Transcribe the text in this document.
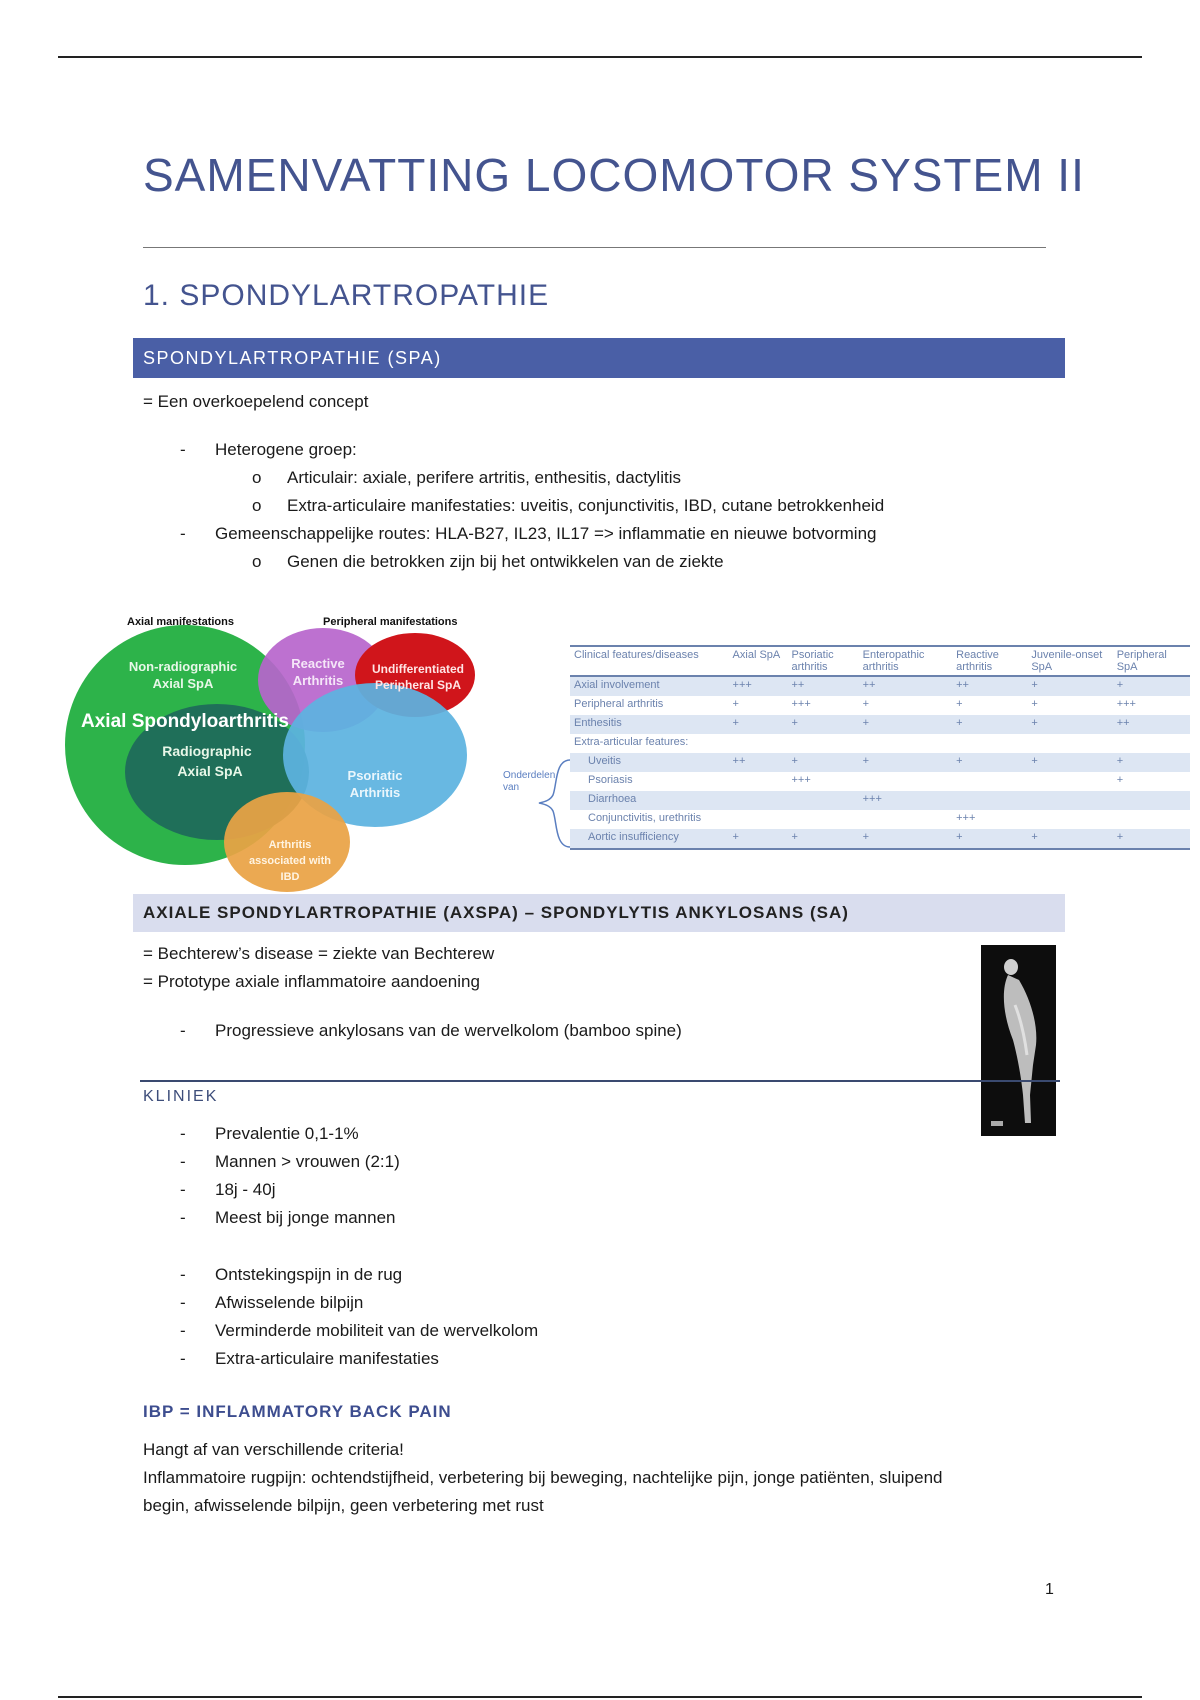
SAMENVATTING LOCOMOTOR SYSTEM II
1. SPONDYLARTROPATHIE
SPONDYLARTROPATHIE (SPA)
= Een overkoepelend concept
- Heterogene groep:
o Articulair: axiale, perifere artritis, enthesitis, dactylitis
o Extra-articulaire manifestaties: uveitis, conjunctivitis, IBD, cutane betrokkenheid
- Gemeenschappelijke routes: HLA-B27, IL23, IL17 => inflammatie en nieuwe botvorming
o Genen die betrokken zijn bij het ontwikkelen van de ziekte
Axial manifestations	Peripheral manifestations
Non-radiographic
Axial SpA
Axial Spondyloarthritis
Radiographic
Axial SpA
Reactive
Arthritis
Undifferentiated
Peripheral SpA
Psoriatic
Arthritis
Arthritis
associated with
IBD
Onderdelen
van
Clinical features/diseases	Axial SpA	Psoriatic arthritis	Enteropathic arthritis	Reactive arthritis	Juvenile-onset SpA	Peripheral SpA
Axial involvement	+++	++	++	++	+	+
Peripheral arthritis	+	+++	+	+	+	+++
Enthesitis	+	+	+	+	+	++
Extra-articular features:						
Uveitis	++	+	+	+	+	+
Psoriasis		+++				+
Diarrhoea			+++			
Conjunctivitis, urethritis				+++		
Aortic insufficiency	+	+	+	+	+	+
AXIALE SPONDYLARTROPATHIE (AXSPA) – SPONDYLYTIS ANKYLOSANS (SA)
= Bechterew’s disease = ziekte van Bechterew
= Prototype axiale inflammatoire aandoening
- Progressieve ankylosans van de wervelkolom (bamboo spine)
KLINIEK
- Prevalentie 0,1-1%
- Mannen > vrouwen (2:1)
- 18j - 40j
- Meest bij jonge mannen
- Ontstekingspijn in de rug
- Afwisselende bilpijn
- Verminderde mobiliteit van de wervelkolom
- Extra-articulaire manifestaties
IBP = INFLAMMATORY BACK PAIN
Hangt af van verschillende criteria!
Inflammatoire rugpijn: ochtendstijfheid, verbetering bij beweging, nachtelijke pijn, jonge patiënten, sluipend
begin, afwisselende bilpijn, geen verbetering met rust
1
